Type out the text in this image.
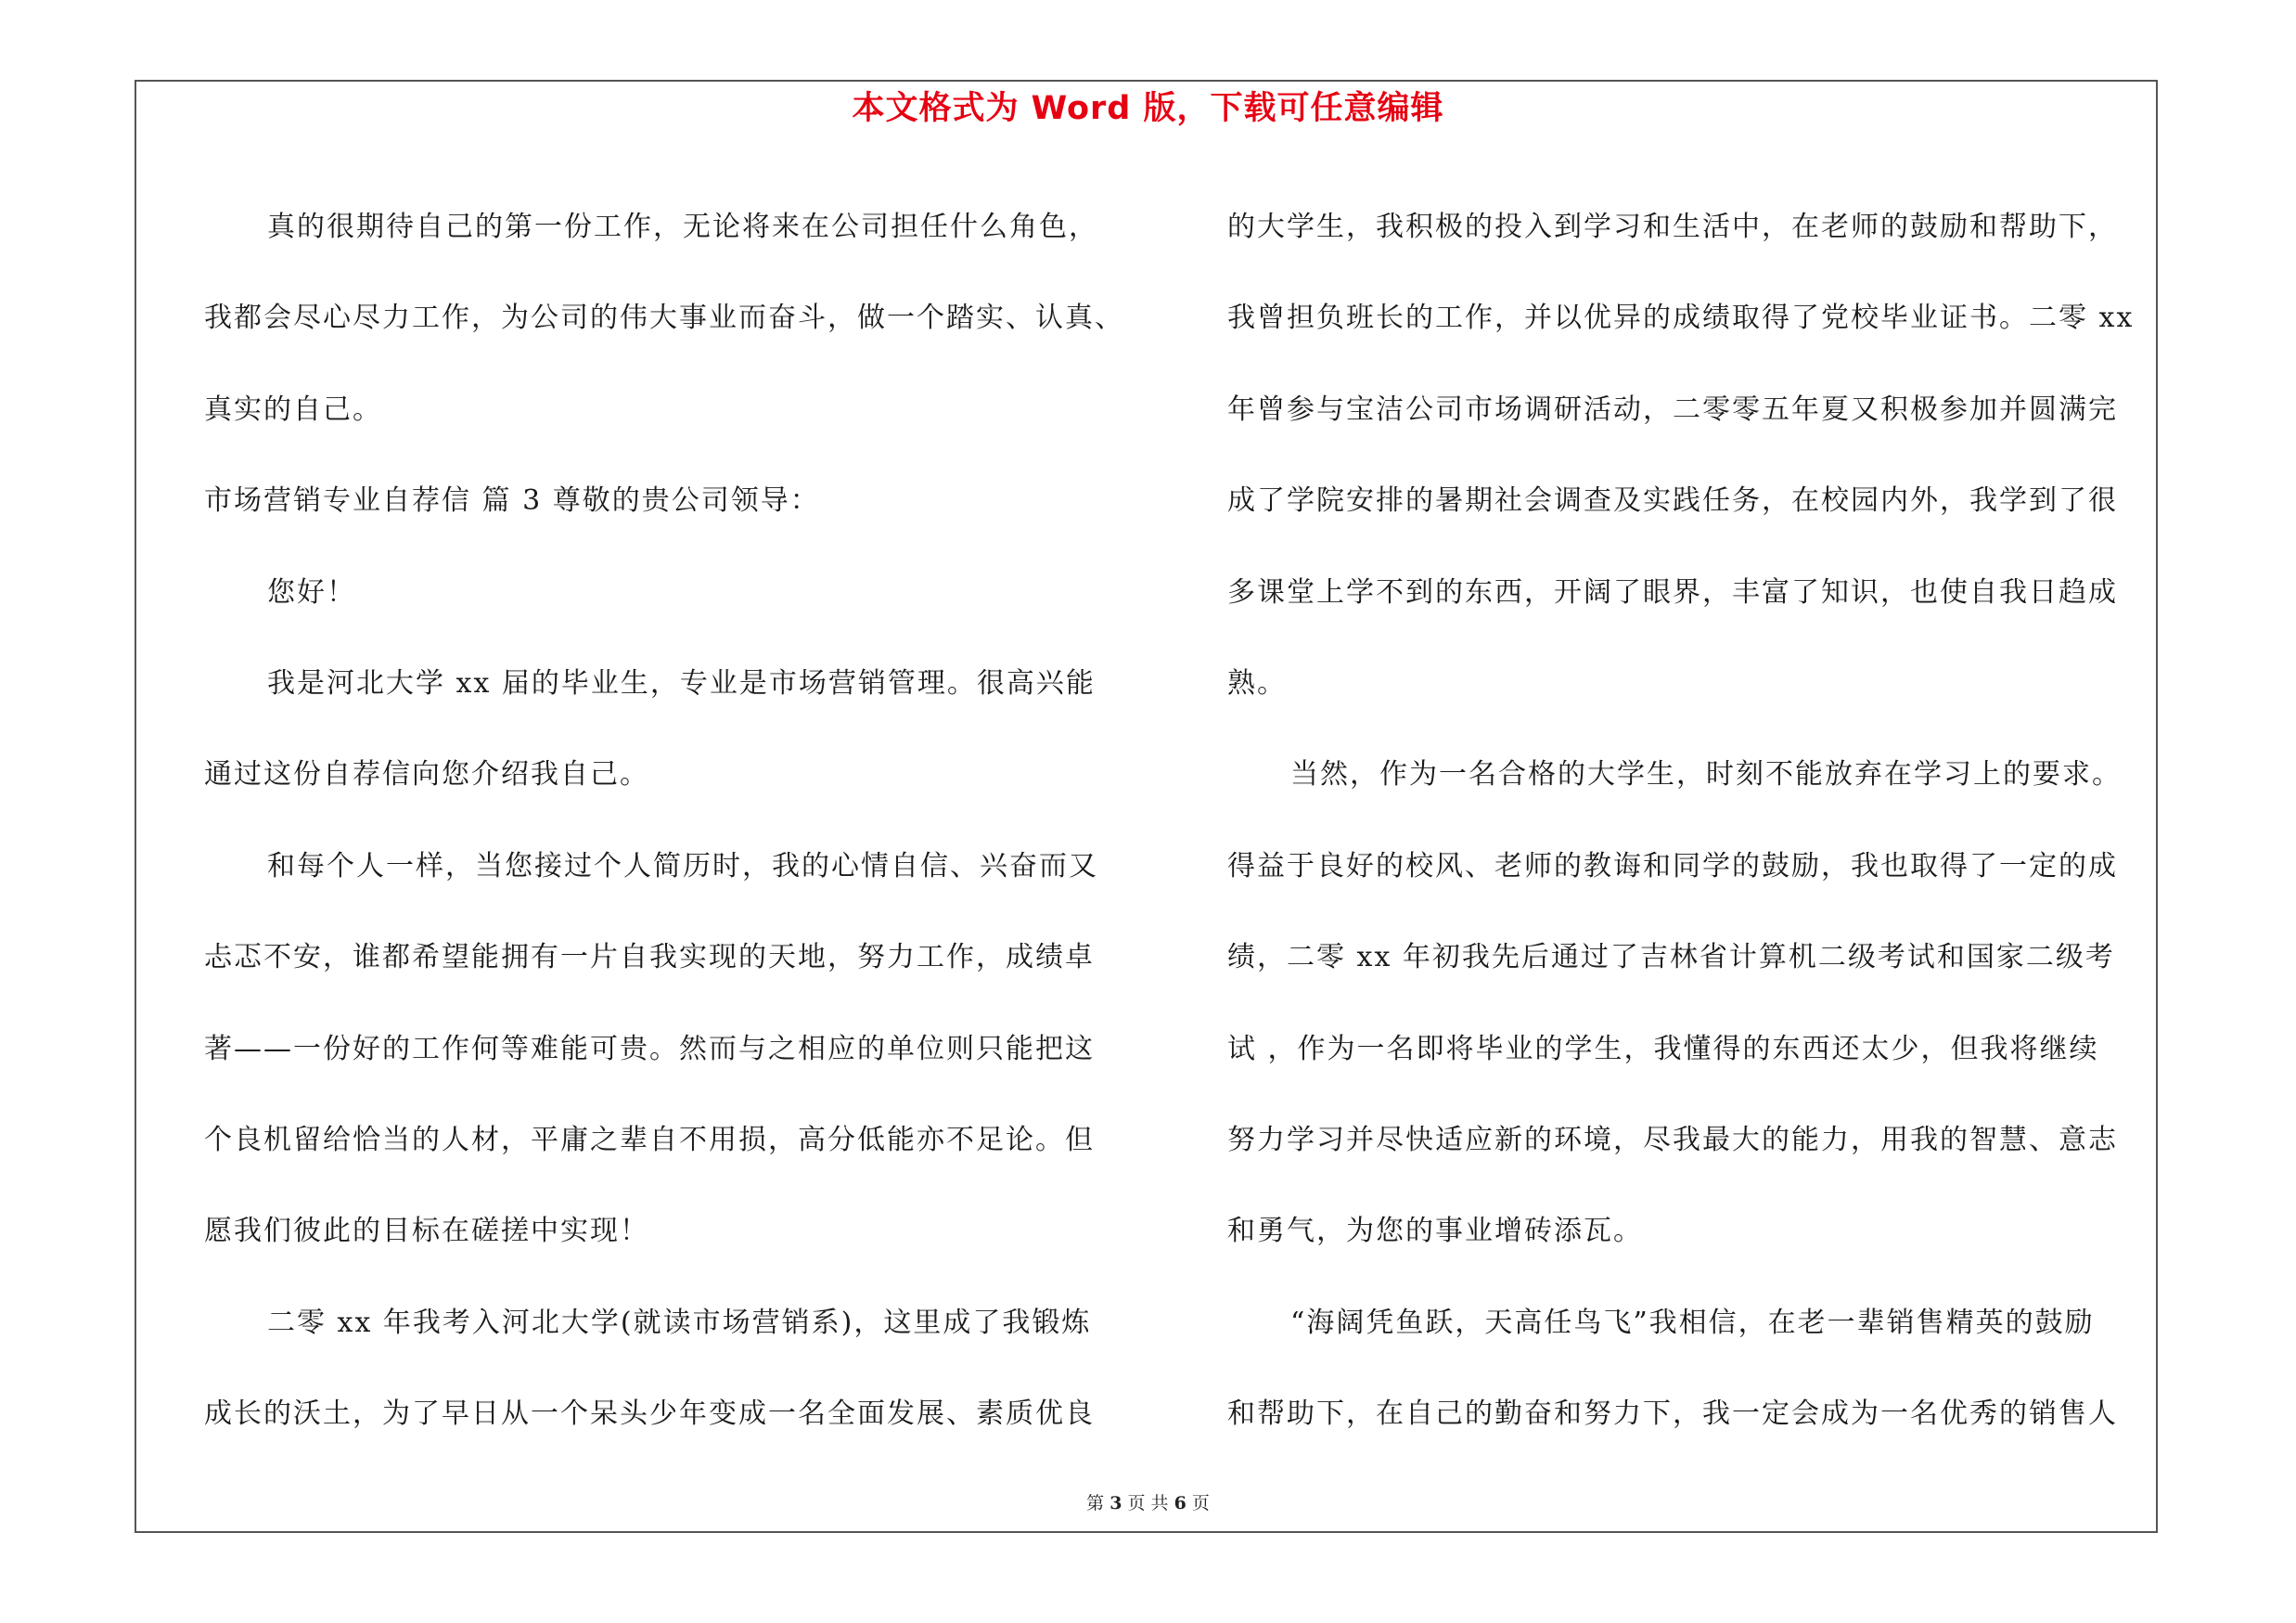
本文格式为 Word 版，下载可任意编辑
真的很期待自己的第一份工作，无论将来在公司担任什么角色，
我都会尽心尽力工作，为公司的伟大事业而奋斗，做一个踏实、认真、
真实的自己。
市场营销专业自荐信 篇 3 尊敬的贵公司领导：
您好！
我是河北大学 xx 届的毕业生，专业是市场营销管理。很高兴能
通过这份自荐信向您介绍我自己。
和每个人一样，当您接过个人简历时，我的心情自信、兴奋而又
忐忑不安，谁都希望能拥有一片自我实现的天地，努力工作，成绩卓
著——一份好的工作何等难能可贵。然而与之相应的单位则只能把这
个良机留给恰当的人材，平庸之辈自不用损，高分低能亦不足论。但
愿我们彼此的目标在磋搓中实现！
二零 xx 年我考入河北大学(就读市场营销系)，这里成了我锻炼
成长的沃土，为了早日从一个呆头少年变成一名全面发展、素质优良
的大学生，我积极的投入到学习和生活中，在老师的鼓励和帮助下，
我曾担负班长的工作，并以优异的成绩取得了党校毕业证书。二零 xx
年曾参与宝洁公司市场调研活动，二零零五年夏又积极参加并圆满完
成了学院安排的暑期社会调查及实践任务，在校园内外，我学到了很
多课堂上学不到的东西，开阔了眼界，丰富了知识，也使自我日趋成
熟。
当然，作为一名合格的大学生，时刻不能放弃在学习上的要求。
得益于良好的校风、老师的教诲和同学的鼓励，我也取得了一定的成
绩，二零 xx 年初我先后通过了吉林省计算机二级考试和国家二级考
试 ，作为一名即将毕业的学生，我懂得的东西还太少，但我将继续
努力学习并尽快适应新的环境，尽我最大的能力，用我的智慧、意志
和勇气，为您的事业增砖添瓦。
“海阔凭鱼跃，天高任鸟飞”我相信，在老一辈销售精英的鼓励
和帮助下，在自己的勤奋和努力下，我一定会成为一名优秀的销售人
第 3 页 共 6 页
